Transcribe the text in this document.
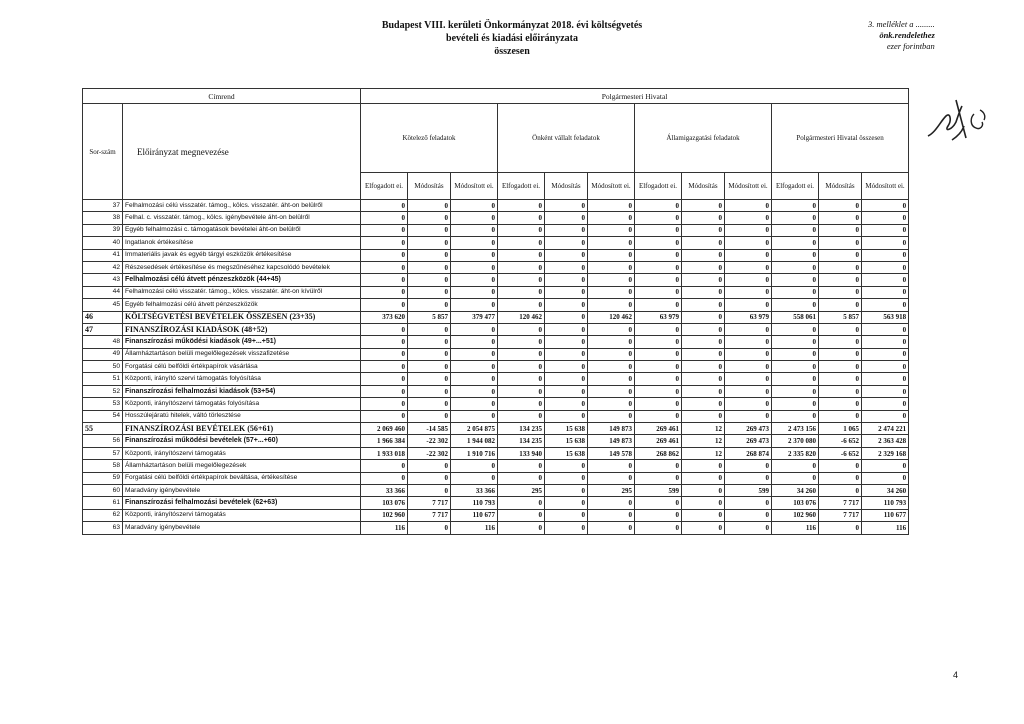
Budapest VIII. kerületi Önkormányzat 2018. évi költségvetés
bevételi és kiadási előirányzata
összesen
3. melléklet a .........
önk.rendelethez
ezer forintban
Címrend		Polgármesteri Hivatal											
Sor-szám	Előirányzat megnevezése	Kötelező feladatok			Önként vállalt feladatok			Államigazgatási feladatok			Polgármesteri Hivatal összesen		
		Elfogadott ei.	Módosítás	Módosított ei.	Elfogadott ei.	Módosítás	Módosított ei.	Elfogadott ei.	Módosítás	Módosított ei.	Elfogadott ei.	Módosítás	Módosított ei.
37	Felhalmozási célú visszatér. támog., kölcs. visszatér. áht-on belülről	0	0	0	0	0	0	0	0	0	0	0	0
38	Felhal. c. visszatér. támog., kölcs. igénybevétele áht-on belülről	0	0	0	0	0	0	0	0	0	0	0	0
39	Egyéb felhalmozási c. támogatások bevételei áht-on belülről	0	0	0	0	0	0	0	0	0	0	0	0
40	Ingatlanok értékesítése	0	0	0	0	0	0	0	0	0	0	0	0
41	Immateriális javak és egyéb tárgyi eszközök értékesítése	0	0	0	0	0	0	0	0	0	0	0	0
42	Részesedések értékesítése és megszűnéséhez kapcsolódó bevételek	0	0	0	0	0	0	0	0	0	0	0	0
43	Felhalmozási célú átvett pénzeszközök (44+45)	0	0	0	0	0	0	0	0	0	0	0	0
44	Felhalmozási célú visszatér. támog., kölcs. visszatér. áht-on kívülről	0	0	0	0	0	0	0	0	0	0	0	0
45	Egyéb felhalmozási célú átvett pénzeszközök	0	0	0	0	0	0	0	0	0	0	0	0
46	KÖLTSÉGVETÉSI BEVÉTELEK ÖSSZESEN (23+35)	373 620	5 857	379 477	120 462	0	120 462	63 979	0	63 979	558 061	5 857	563 918
47	FINANSZÍROZÁSI KIADÁSOK (48+52)	0	0	0	0	0	0	0	0	0	0	0	0
48	Finanszírozási működési kiadások (49+...+51)	0	0	0	0	0	0	0	0	0	0	0	0
49	Államháztartáson belüli megelőlegezések visszafizetése	0	0	0	0	0	0	0	0	0	0	0	0
50	Forgatási célú belföldi értékpapírok vásárlása	0	0	0	0	0	0	0	0	0	0	0	0
51	Központi, irányító szervi támogatás folyósítása	0	0	0	0	0	0	0	0	0	0	0	0
52	Finanszírozási felhalmozási kiadások (53+54)	0	0	0	0	0	0	0	0	0	0	0	0
53	Központi, irányítószervi támogatás folyósítása	0	0	0	0	0	0	0	0	0	0	0	0
54	Hosszúlejáratú hitelek, váltó törlesztése	0	0	0	0	0	0	0	0	0	0	0	0
55	FINANSZÍROZÁSI BEVÉTELEK (56+61)	2 069 460	-14 585	2 054 875	134 235	15 638	149 873	269 461	12	269 473	2 473 156	1 065	2 474 221
56	Finanszírozási működési bevételek (57+...+60)	1 966 384	-22 302	1 944 082	134 235	15 638	149 873	269 461	12	269 473	2 370 080	-6 652	2 363 428
57	Központi, irányítószervi támogatás	1 933 018	-22 302	1 910 716	133 940	15 638	149 578	268 862	12	268 874	2 335 820	-6 652	2 329 168
58	Államháztartáson belüli megelőlegezések	0	0	0	0	0	0	0	0	0	0	0	0
59	Forgatási célú belföldi értékpapírok beváltása, értékesítése	0	0	0	0	0	0	0	0	0	0	0	0
60	Maradvány igénybevétele	33 366	0	33 366	295	0	295	599	0	599	34 260	0	34 260
61	Finanszírozási felhalmozási bevételek (62+63)	103 076	7 717	110 793	0	0	0	0	0	0	103 076	7 717	110 793
62	Központi, irányítószervi támogatás	102 960	7 717	110 677	0	0	0	0	0	0	102 960	7 717	110 677
63	Maradvány igénybevétele	116	0	116	0	0	0	0	0	0	116	0	116
4
